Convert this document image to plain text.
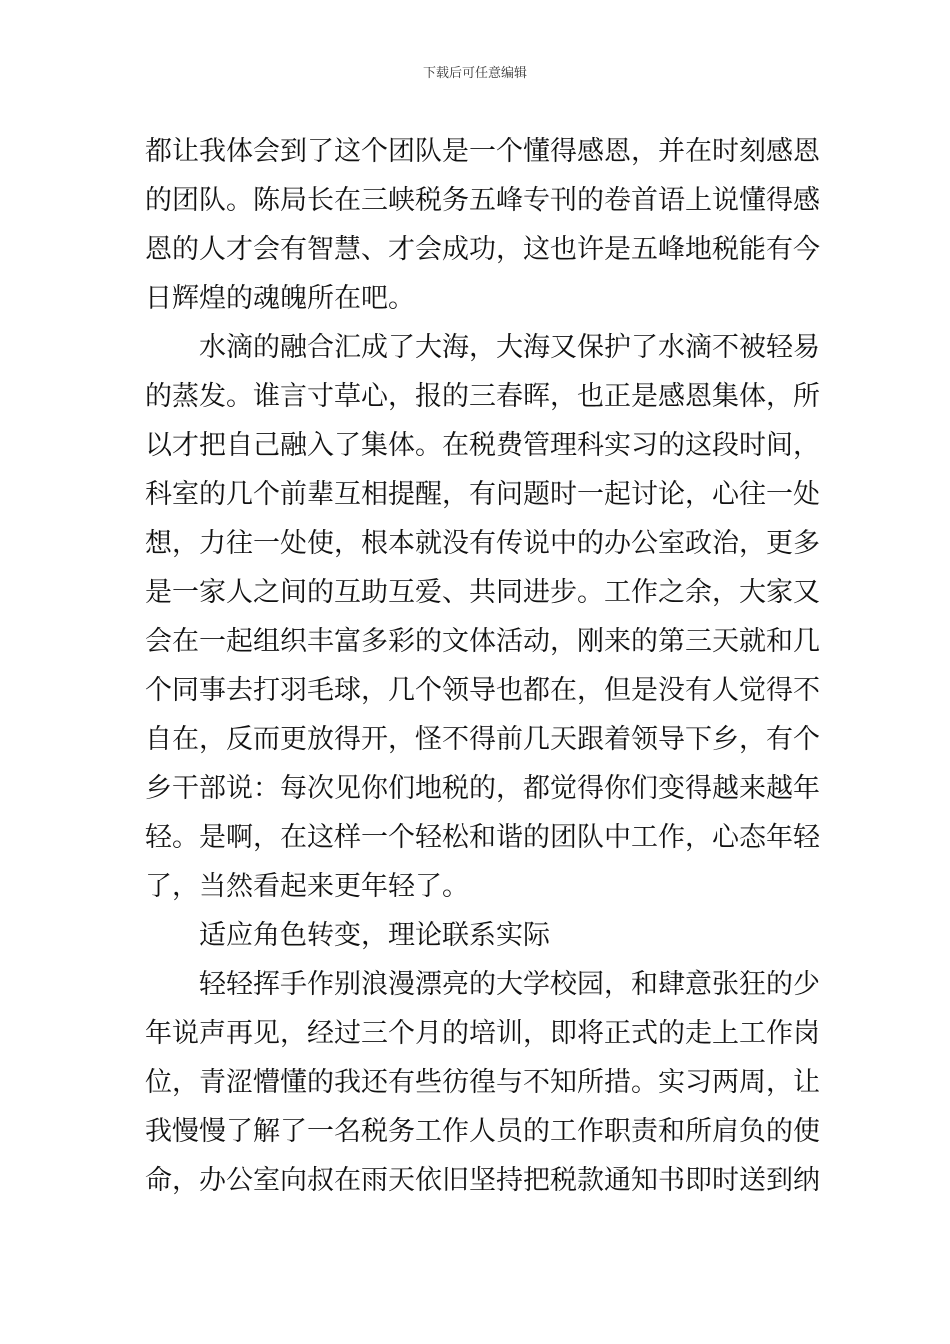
下载后可任意编辑
都让我体会到了这个团队是一个懂得感恩，并在时刻感恩
的团队。陈局长在三峡税务五峰专刊的卷首语上说懂得感
恩的人才会有智慧、才会成功，这也许是五峰地税能有今
日辉煌的魂魄所在吧。
水滴的融合汇成了大海，大海又保护了水滴不被轻易
的蒸发。谁言寸草心，报的三春晖，也正是感恩集体，所
以才把自己融入了集体。在税费管理科实习的这段时间，
科室的几个前辈互相提醒，有问题时一起讨论，心往一处
想，力往一处使，根本就没有传说中的办公室政治，更多
是一家人之间的互助互爱、共同进步。工作之余，大家又
会在一起组织丰富多彩的文体活动，刚来的第三天就和几
个同事去打羽毛球，几个领导也都在，但是没有人觉得不
自在，反而更放得开，怪不得前几天跟着领导下乡，有个
乡干部说：每次见你们地税的，都觉得你们变得越来越年
轻。是啊，在这样一个轻松和谐的团队中工作，心态年轻
了，当然看起来更年轻了。
适应角色转变，理论联系实际
轻轻挥手作别浪漫漂亮的大学校园，和肆意张狂的少
年说声再见，经过三个月的培训，即将正式的走上工作岗
位，青涩懵懂的我还有些彷徨与不知所措。实习两周，让
我慢慢了解了一名税务工作人员的工作职责和所肩负的使
命，办公室向叔在雨天依旧坚持把税款通知书即时送到纳
